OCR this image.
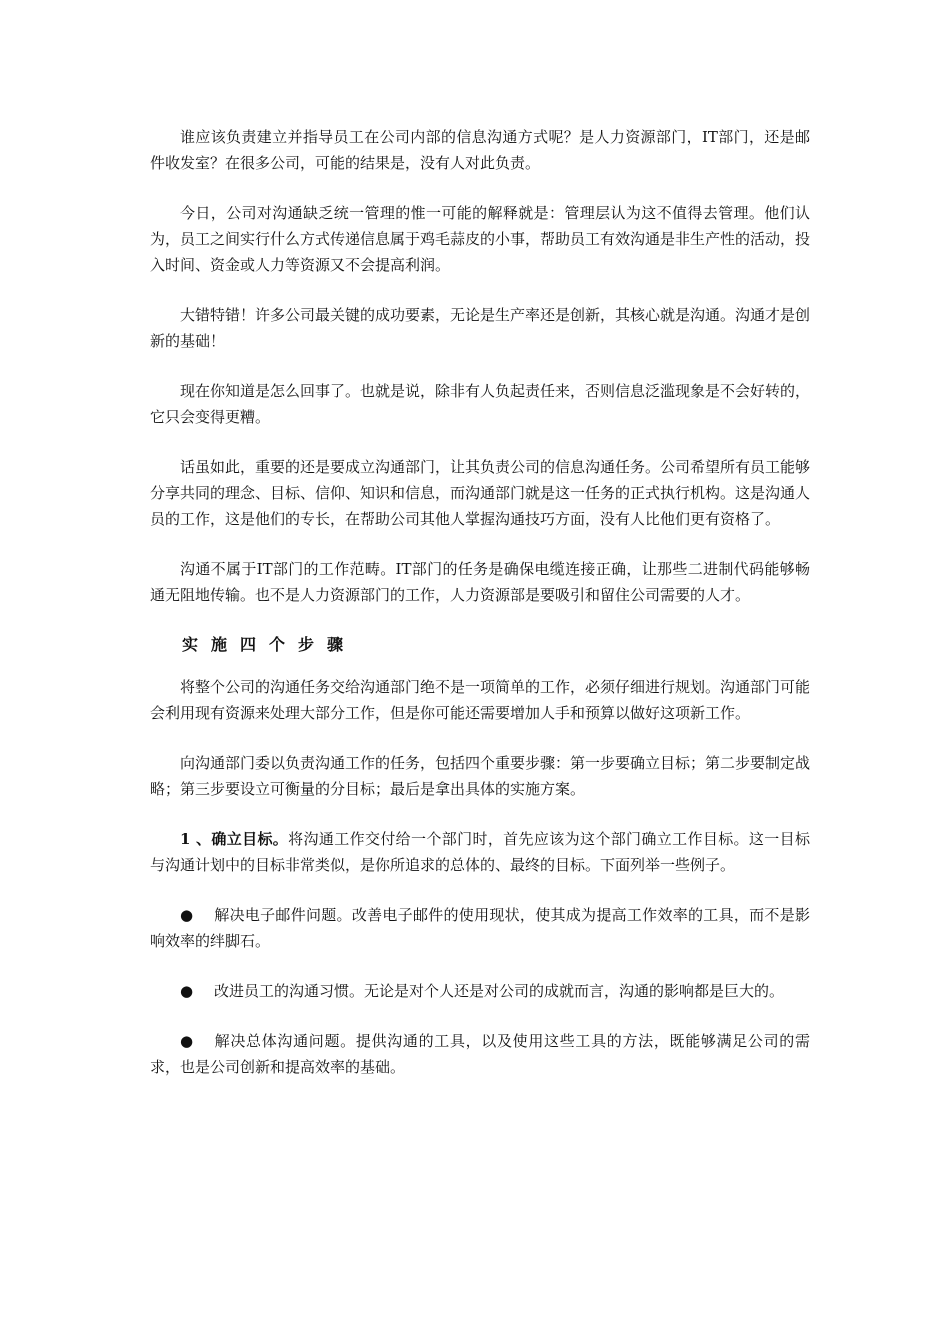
谁应该负责建立并指导员工在公司内部的信息沟通方式呢？是人力资源部门，IT部门，还是邮件收发室？在很多公司，可能的结果是，没有人对此负责。

今日，公司对沟通缺乏统一管理的惟一可能的解释就是：管理层认为这不值得去管理。他们认为，员工之间实行什么方式传递信息属于鸡毛蒜皮的小事，帮助员工有效沟通是非生产性的活动，投入时间、资金或人力等资源又不会提高利润。

大错特错！许多公司最关键的成功要素，无论是生产率还是创新，其核心就是沟通。沟通才是创新的基础！

现在你知道是怎么回事了。也就是说，除非有人负起责任来，否则信息泛滥现象是不会好转的，它只会变得更糟。

话虽如此，重要的还是要成立沟通部门，让其负责公司的信息沟通任务。公司希望所有员工能够分享共同的理念、目标、信仰、知识和信息，而沟通部门就是这一任务的正式执行机构。这是沟通人员的工作，这是他们的专长，在帮助公司其他人掌握沟通技巧方面，没有人比他们更有资格了。

沟通不属于IT部门的工作范畴。IT部门的任务是确保电缆连接正确，让那些二进制代码能够畅通无阻地传输。也不是人力资源部门的工作，人力资源部是要吸引和留住公司需要的人才。

实施四个步骤

将整个公司的沟通任务交给沟通部门绝不是一项简单的工作，必须仔细进行规划。沟通部门可能会利用现有资源来处理大部分工作，但是你可能还需要增加人手和预算以做好这项新工作。

向沟通部门委以负责沟通工作的任务，包括四个重要步骤：第一步要确立目标；第二步要制定战略；第三步要设立可衡量的分目标；最后是拿出具体的实施方案。

1 、确立目标。将沟通工作交付给一个部门时，首先应该为这个部门确立工作目标。这一目标与沟通计划中的目标非常类似，是你所追求的总体的、最终的目标。下面列举一些例子。

● 解决电子邮件问题。改善电子邮件的使用现状，使其成为提高工作效率的工具，而不是影响效率的绊脚石。

● 改进员工的沟通习惯。无论是对个人还是对公司的成就而言，沟通的影响都是巨大的。

● 解决总体沟通问题。提供沟通的工具，以及使用这些工具的方法，既能够满足公司的需求，也是公司创新和提高效率的基础。
